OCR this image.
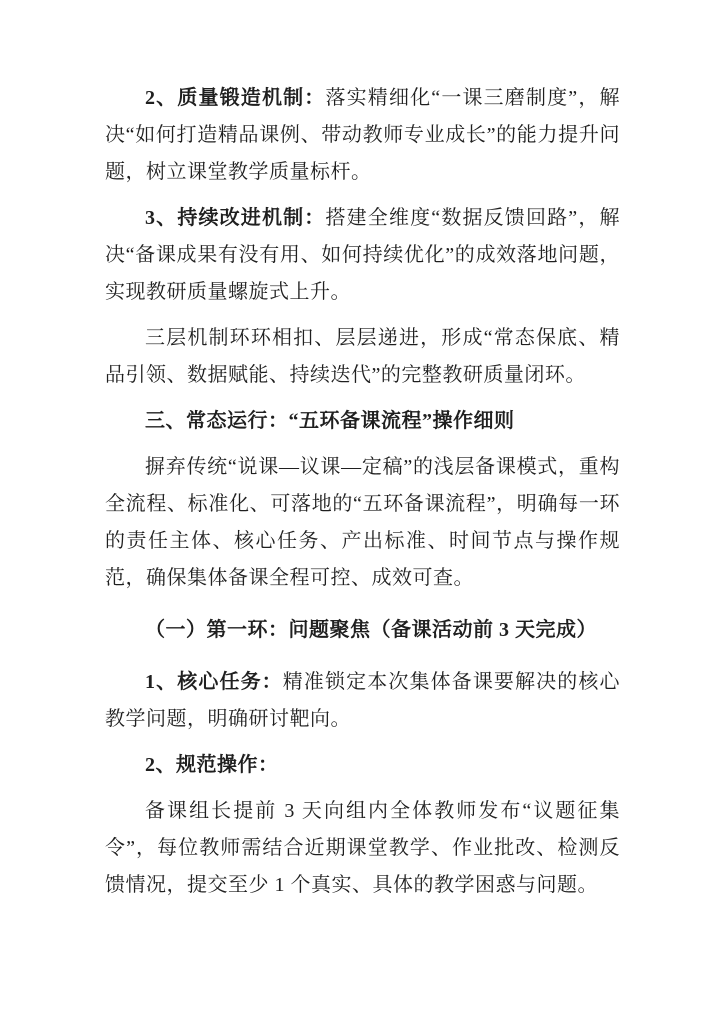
2、质量锻造机制：落实精细化“一课三磨制度”，解决“如何打造精品课例、带动教师专业成长”的能力提升问题，树立课堂教学质量标杆。

3、持续改进机制：搭建全维度“数据反馈回路”，解决“备课成果有没有用、如何持续优化”的成效落地问题，实现教研质量螺旋式上升。

三层机制环环相扣、层层递进，形成“常态保底、精品引领、数据赋能、持续迭代”的完整教研质量闭环。

三、常态运行：“五环备课流程”操作细则

摒弃传统“说课—议课—定稿”的浅层备课模式，重构全流程、标准化、可落地的“五环备课流程”，明确每一环的责任主体、核心任务、产出标准、时间节点与操作规范，确保集体备课全程可控、成效可查。

（一）第一环：问题聚焦（备课活动前 3 天完成）

1、核心任务：精准锁定本次集体备课要解决的核心教学问题，明确研讨靶向。

2、规范操作：

备课组长提前 3 天向组内全体教师发布“议题征集令”，每位教师需结合近期课堂教学、作业批改、检测反馈情况，提交至少 1 个真实、具体的教学困惑与问题。
